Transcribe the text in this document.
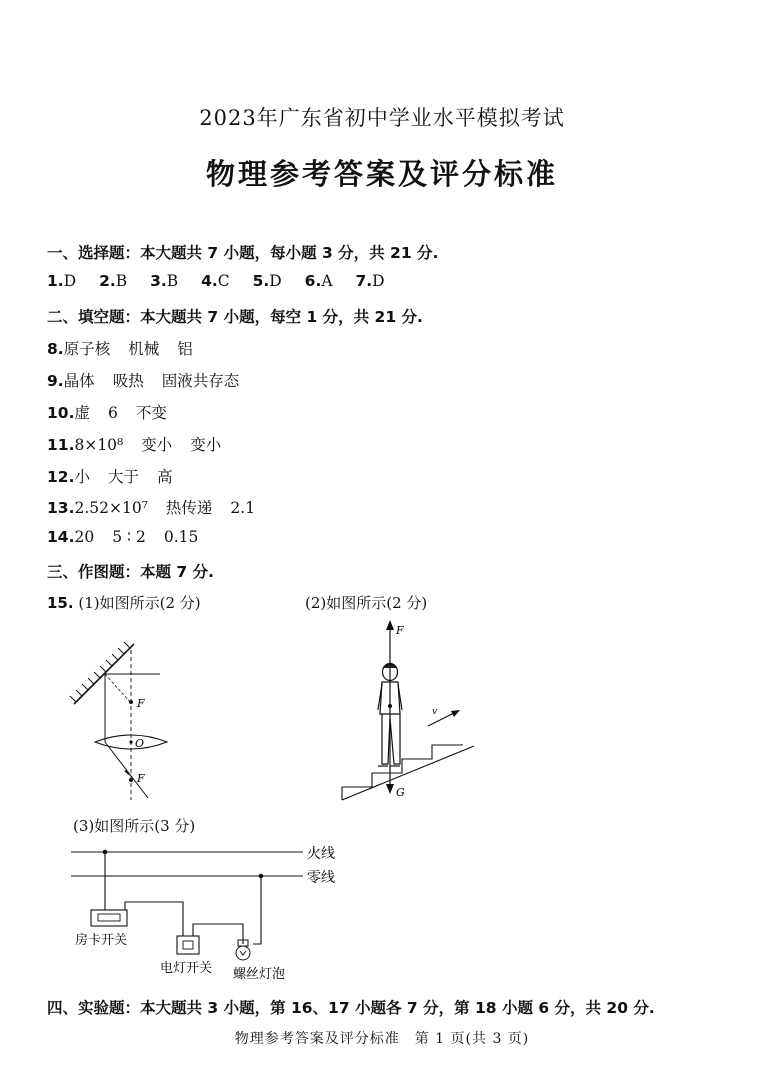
2023年广东省初中学业水平模拟考试
物理参考答案及评分标准
一、选择题：本大题共 7 小题，每小题 3 分，共 21 分.
1.D 2.B 3.B 4.C 5.D 6.A 7.D
二、填空题：本大题共 7 小题，每空 1 分，共 21 分.
8.原子核 机械 铝
9.晶体 吸热 固液共存态
10.虚 6 不变
11.8×10⁸ 变小 变小
12.小 大于 高
13.2.52×10⁷ 热传递 2.1
14.20 5 ∶ 2 0.15
三、作图题：本题 7 分.
15. (1)如图所示(2 分)	(2)如图所示(2 分)
F
O
F
F
G
v
(3)如图所示(3 分)
火线
零线
房卡开关
电灯开关 螺丝灯泡
四、实验题：本大题共 3 小题，第 16、17 小题各 7 分，第 18 小题 6 分，共 20 分.
物理参考答案及评分标准　第 1 页(共 3 页)
